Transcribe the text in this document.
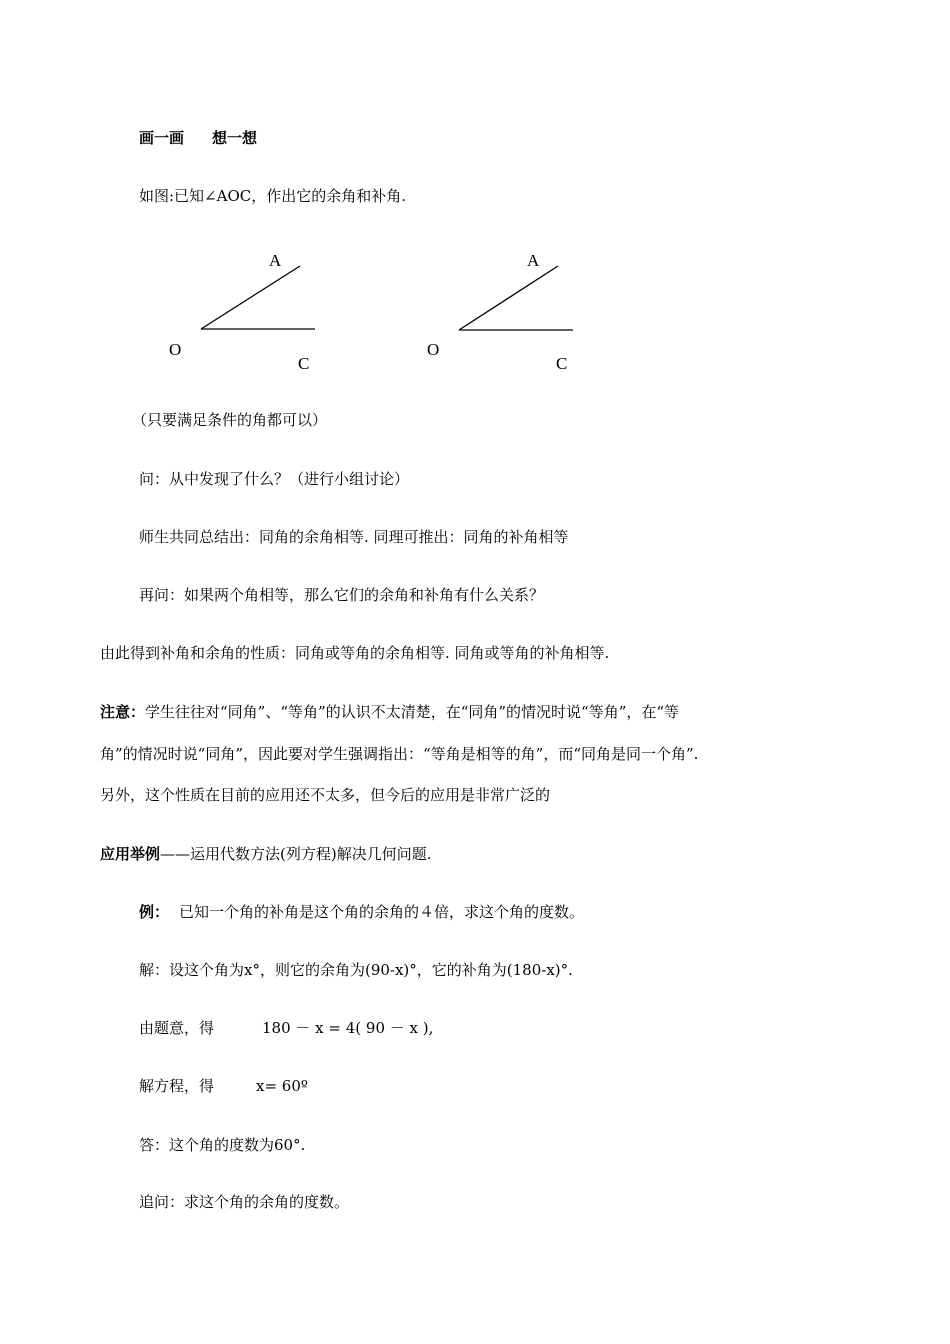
画一画 想一想
如图:已知∠AOC，作出它的余角和补角.
A
O
C
A
O
C
（只要满足条件的角都可以）
问：从中发现了什么？（进行小组讨论）
师生共同总结出：同角的余角相等. 同理可推出：同角的补角相等
再问：如果两个角相等，那么它们的余角和补角有什么关系？
由此得到补角和余角的性质：同角或等角的余角相等. 同角或等角的补角相等.
注意：学生往往对“同角”、“等角”的认识不太清楚，在“同角”的情况时说“等角”，在“等
角”的情况时说“同角”，因此要对学生强调指出：“等角是相等的角”，而“同角是同一个角”.
另外，这个性质在目前的应用还不太多，但今后的应用是非常广泛的
应用举例——运用代数方法(列方程)解决几何问题.
例： 已知一个角的补角是这个角的余角的４倍，求这个角的度数。
解：设这个角为x°，则它的余角为(90-x)°，它的补角为(180-x)°.
由题意，得	180 － x = 4( 90 － x ),
解方程，得	x= 60º
答：这个角的度数为60°.
追问：求这个角的余角的度数。
